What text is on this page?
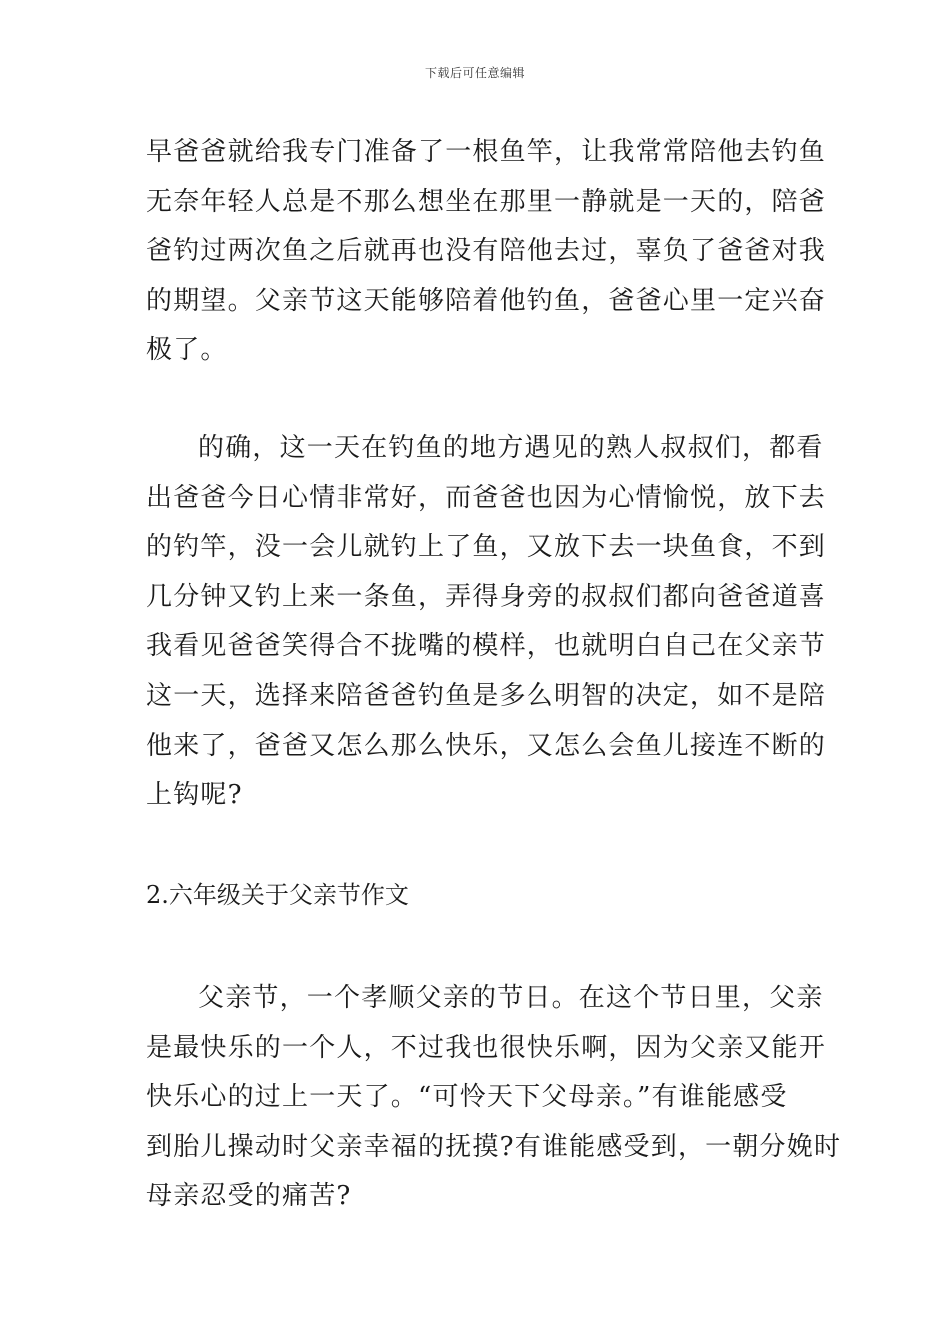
下载后可任意编辑

早爸爸就给我专门准备了一根鱼竿，让我常常陪他去钓鱼
无奈年轻人总是不那么想坐在那里一静就是一天的，陪爸
爸钓过两次鱼之后就再也没有陪他去过，辜负了爸爸对我
的期望。父亲节这天能够陪着他钓鱼，爸爸心里一定兴奋
极了。

的确，这一天在钓鱼的地方遇见的熟人叔叔们，都看
出爸爸今日心情非常好，而爸爸也因为心情愉悦，放下去
的钓竿，没一会儿就钓上了鱼，又放下去一块鱼食，不到
几分钟又钓上来一条鱼，弄得身旁的叔叔们都向爸爸道喜
我看见爸爸笑得合不拢嘴的模样，也就明白自己在父亲节
这一天，选择来陪爸爸钓鱼是多么明智的决定，如不是陪
他来了，爸爸又怎么那么快乐，又怎么会鱼儿接连不断的
上钩呢?

2.六年级关于父亲节作文

父亲节，一个孝顺父亲的节日。在这个节日里，父亲
是最快乐的一个人，不过我也很快乐啊，因为父亲又能开
快乐心的过上一天了。“可怜天下父母亲。”有谁能感受
到胎儿操动时父亲幸福的抚摸?有谁能感受到，一朝分娩时
母亲忍受的痛苦?
